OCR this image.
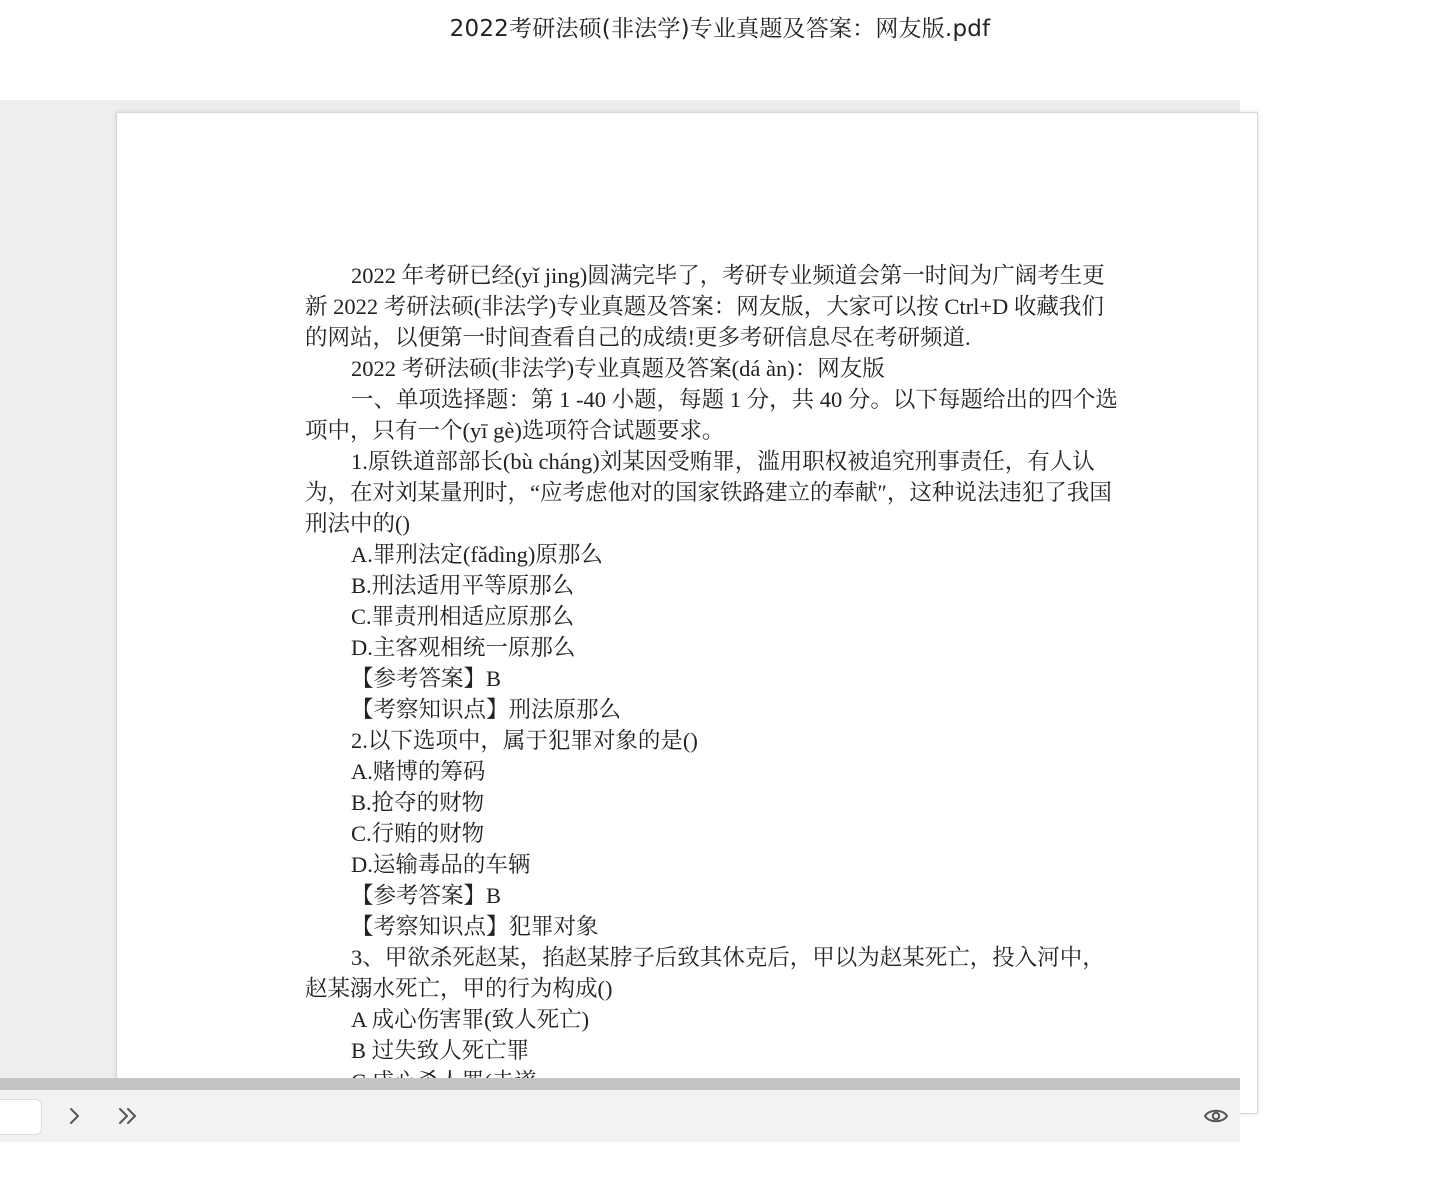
2022考研法硕(非法学)专业真题及答案：网友版.pdf

2022 年考研已经(yǐ jing)圆满完毕了，考研专业频道会第一时间为广阔考生更新 2022 考研法硕(非法学)专业真题及答案：网友版，大家可以按 Ctrl+D 收藏我们的网站，以便第一时间查看自己的成绩!更多考研信息尽在考研频道.

2022 考研法硕(非法学)专业真题及答案(dá àn)：网友版

一、单项选择题：第 1 -40 小题，每题 1 分，共 40 分。以下每题给出的四个选项中，只有一个(yī gè)选项符合试题要求。

1.原铁道部部长(bù cháng)刘某因受贿罪，滥用职权被追究刑事责任，有人认为，在对刘某量刑时，“应考虑他对的国家铁路建立的奉献″，这种说法违犯了我国刑法中的()

A.罪刑法定(fǎdìng)原那么

B.刑法适用平等原那么

C.罪责刑相适应原那么

D.主客观相统一原那么

【参考答案】B

【考察知识点】刑法原那么

2.以下选项中，属于犯罪对象的是()

A.赌博的筹码

B.抢夺的财物

C.行贿的财物

D.运输毒品的车辆

【参考答案】B

【考察知识点】犯罪对象

3、甲欲杀死赵某，掐赵某脖子后致其休克后，甲以为赵某死亡，投入河中，赵某溺水死亡，甲的行为构成()

A 成心伤害罪(致人死亡)

B 过失致人死亡罪
